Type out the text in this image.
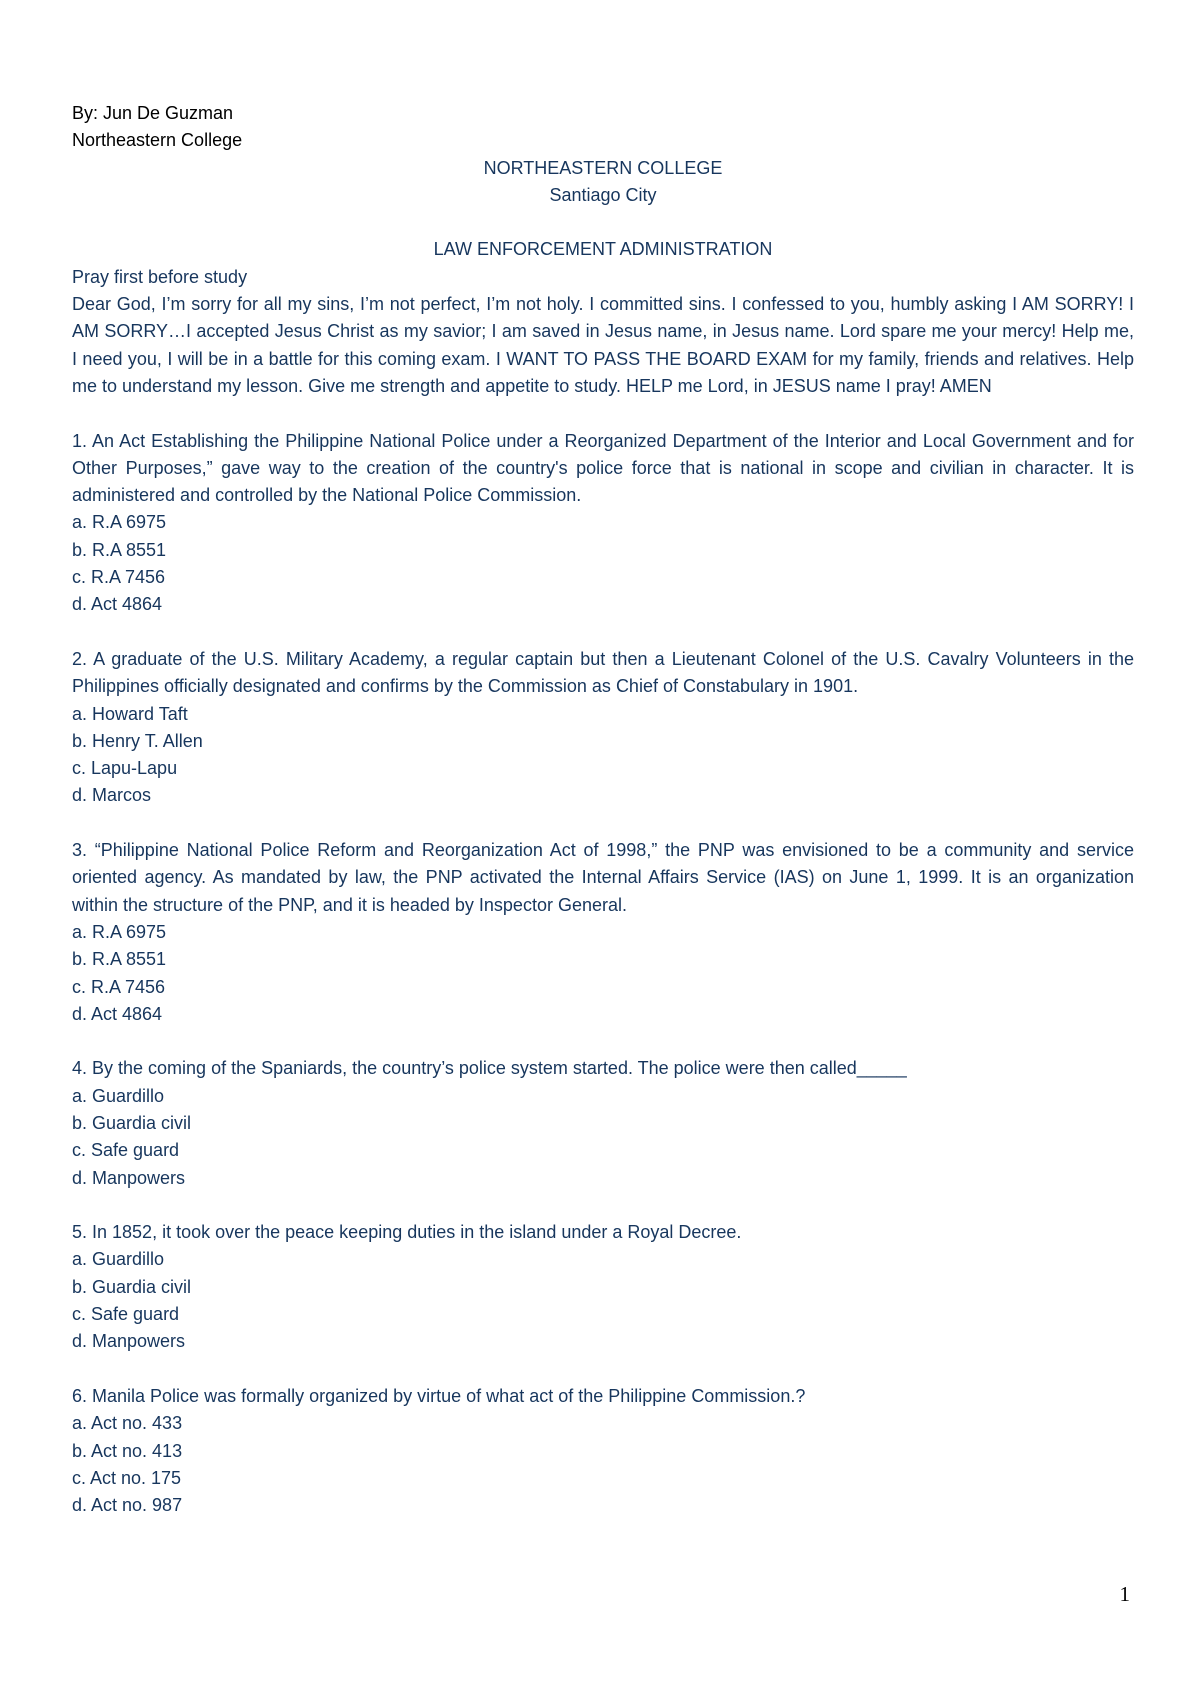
By: Jun De Guzman
Northeastern College
NORTHEASTERN COLLEGE
Santiago City
LAW ENFORCEMENT ADMINISTRATION
Pray first before study
Dear God, I’m sorry for all my sins, I’m not perfect, I’m not holy. I committed sins. I confessed to you, humbly asking I AM SORRY! I AM SORRY…I accepted Jesus Christ as my savior; I am saved in Jesus name, in Jesus name. Lord spare me your mercy! Help me, I need you, I will be in a battle for this coming exam. I WANT TO PASS THE BOARD EXAM for my family, friends and relatives. Help me to understand my lesson. Give me strength and appetite to study. HELP me Lord, in JESUS name I pray! AMEN
1. An Act Establishing the Philippine National Police under a Reorganized Department of the Interior and Local Government and for Other Purposes,” gave way to the creation of the country's police force that is national in scope and civilian in character. It is administered and controlled by the National Police Commission.
a. R.A 6975
b. R.A 8551
c. R.A 7456
d. Act 4864
2. A graduate of the U.S. Military Academy, a regular captain but then a Lieutenant Colonel of the U.S. Cavalry Volunteers in the Philippines officially designated and confirms by the Commission as Chief of Constabulary in 1901.
a. Howard Taft
b. Henry T. Allen
c. Lapu-Lapu
d. Marcos
3. “Philippine National Police Reform and Reorganization Act of 1998,” the PNP was envisioned to be a community and service oriented agency. As mandated by law, the PNP activated the Internal Affairs Service (IAS) on June 1, 1999. It is an organization within the structure of the PNP, and it is headed by Inspector General.
a. R.A 6975
b. R.A 8551
c. R.A 7456
d. Act 4864
4. By the coming of the Spaniards, the country’s police system started. The police were then called_____
a. Guardillo
b. Guardia civil
c. Safe guard
d. Manpowers
5. In 1852, it took over the peace keeping duties in the island under a Royal Decree.
a. Guardillo
b. Guardia civil
c. Safe guard
d. Manpowers
6. Manila Police was formally organized by virtue of what act of the Philippine Commission.?
a. Act no. 433
b. Act no. 413
c. Act no. 175
d. Act no. 987
1
